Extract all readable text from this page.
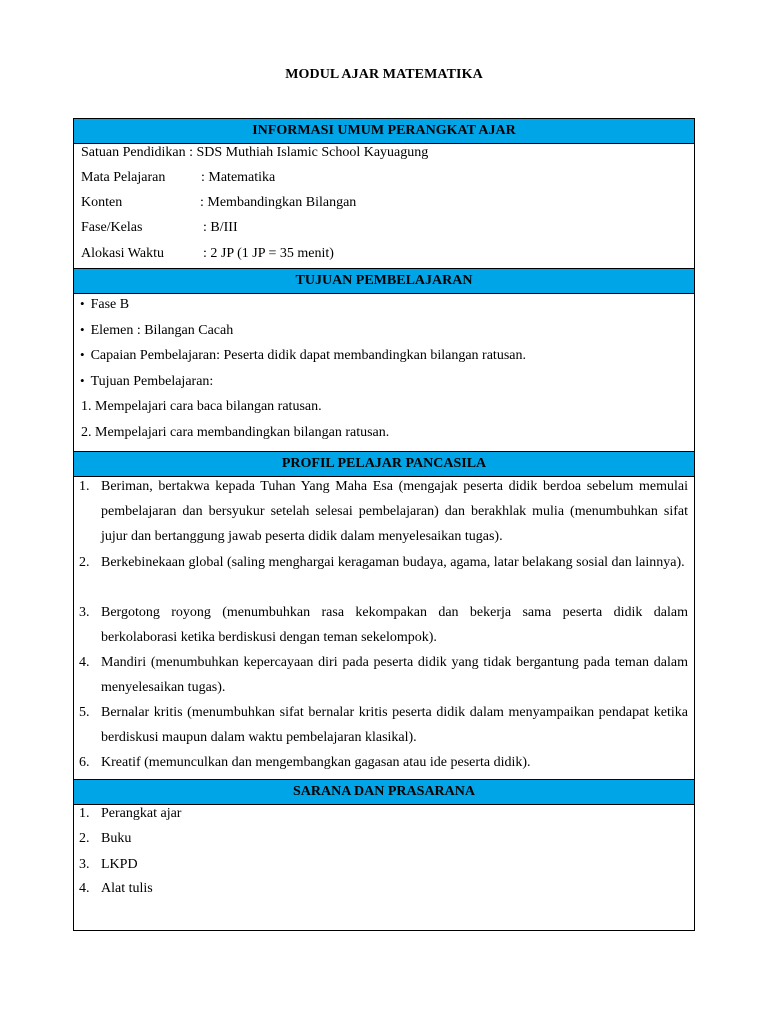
MODUL AJAR MATEMATIKA
INFORMASI UMUM PERANGKAT AJAR
Satuan Pendidikan : SDS Muthiah Islamic School Kayuagung
Mata Pelajaran	: Matematika
Konten	: Membandingkan Bilangan
Fase/Kelas	: B/III
Alokasi Waktu	: 2 JP (1 JP = 35 menit)
TUJUAN PEMBELAJARAN
• Fase B
• Elemen : Bilangan Cacah
• Capaian Pembelajaran: Peserta didik dapat membandingkan bilangan ratusan.
• Tujuan Pembelajaran:
1. Mempelajari cara baca bilangan ratusan.
2. Mempelajari cara membandingkan bilangan ratusan.
PROFIL PELAJAR PANCASILA
1. Beriman, bertakwa kepada Tuhan Yang Maha Esa (mengajak peserta didik berdoa sebelum memulai pembelajaran dan bersyukur setelah selesai pembelajaran) dan berakhlak mulia (menumbuhkan sifat jujur dan bertanggung jawab peserta didik dalam menyelesaikan tugas).
2. Berkebinekaan global (saling menghargai keragaman budaya, agama, latar belakang sosial dan lainnya).
3. Bergotong royong (menumbuhkan rasa kekompakan dan bekerja sama peserta didik dalam berkolaborasi ketika berdiskusi dengan teman sekelompok).
4. Mandiri (menumbuhkan kepercayaan diri pada peserta didik yang tidak bergantung pada teman dalam menyelesaikan tugas).
5. Bernalar kritis (menumbuhkan sifat bernalar kritis peserta didik dalam menyampaikan pendapat ketika berdiskusi maupun dalam waktu pembelajaran klasikal).
6. Kreatif (memunculkan dan mengembangkan gagasan atau ide peserta didik).
SARANA DAN PRASARANA
1. Perangkat ajar
2. Buku
3. LKPD
4. Alat tulis
